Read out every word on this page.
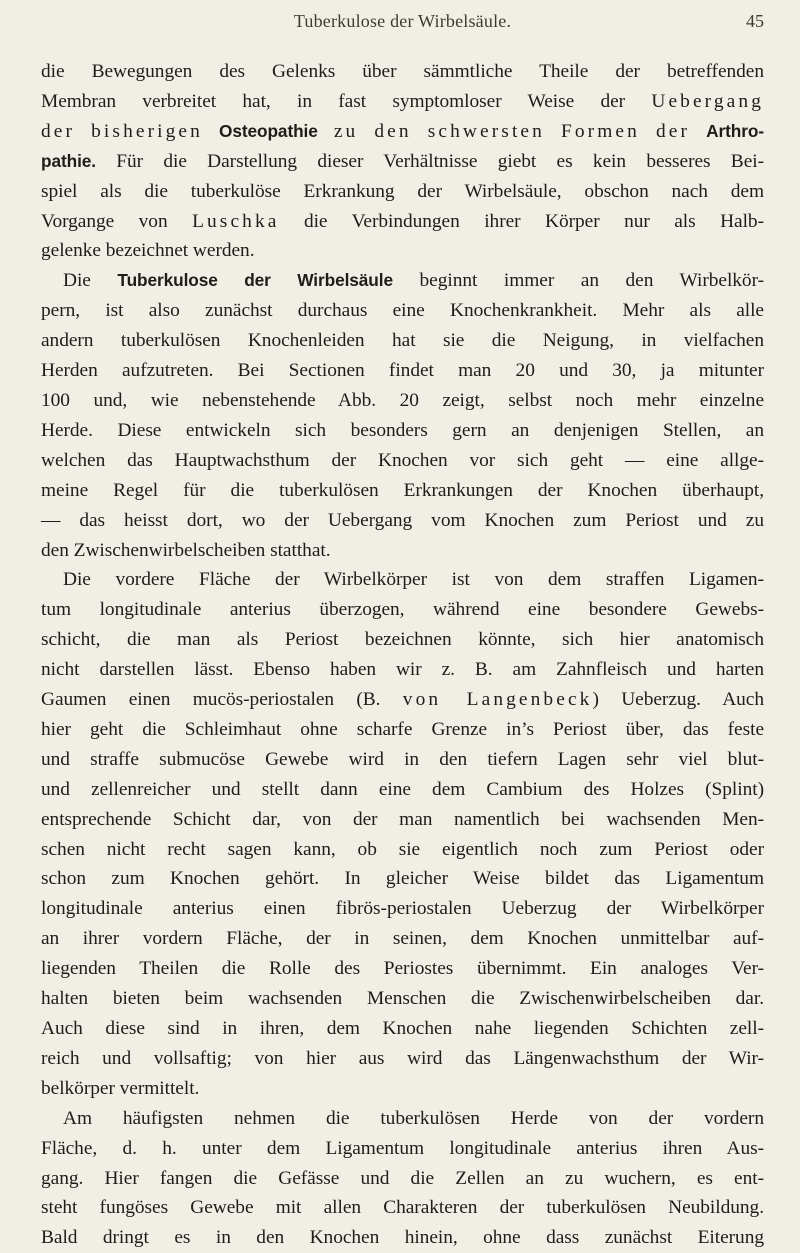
Tuberkulose der Wirbelsäule.	45
die Bewegungen des Gelenks über sämmtliche Theile der betreffenden
Membran verbreitet hat, in fast symptomloser Weise der Uebergang
der bisherigen Osteopathie zu den schwersten Formen der Arthro-
pathie. Für die Darstellung dieser Verhältnisse giebt es kein besseres Bei-
spiel als die tuberkulöse Erkrankung der Wirbelsäule, obschon nach dem
Vorgange von Luschka die Verbindungen ihrer Körper nur als Halb-
gelenke bezeichnet werden.
Die Tuberkulose der Wirbelsäule beginnt immer an den Wirbelkör-
pern, ist also zunächst durchaus eine Knochenkrankheit. Mehr als alle
andern tuberkulösen Knochenleiden hat sie die Neigung, in vielfachen
Herden aufzutreten. Bei Sectionen findet man 20 und 30, ja mitunter
100 und, wie nebenstehende Abb. 20 zeigt, selbst noch mehr einzelne
Herde. Diese entwickeln sich besonders gern an denjenigen Stellen, an
welchen das Hauptwachsthum der Knochen vor sich geht — eine allge-
meine Regel für die tuberkulösen Erkrankungen der Knochen überhaupt,
— das heisst dort, wo der Uebergang vom Knochen zum Periost und zu
den Zwischenwirbelscheiben statthat.
Die vordere Fläche der Wirbelkörper ist von dem straffen Ligamen-
tum longitudinale anterius überzogen, während eine besondere Gewebs-
schicht, die man als Periost bezeichnen könnte, sich hier anatomisch
nicht darstellen lässt. Ebenso haben wir z. B. am Zahnfleisch und harten
Gaumen einen mucös-periostalen (B. von Langenbeck) Ueberzug. Auch
hier geht die Schleimhaut ohne scharfe Grenze in’s Periost über, das feste
und straffe submucöse Gewebe wird in den tiefern Lagen sehr viel blut-
und zellenreicher und stellt dann eine dem Cambium des Holzes (Splint)
entsprechende Schicht dar, von der man namentlich bei wachsenden Men-
schen nicht recht sagen kann, ob sie eigentlich noch zum Periost oder
schon zum Knochen gehört. In gleicher Weise bildet das Ligamentum
longitudinale anterius einen fibrös-periostalen Ueberzug der Wirbelkörper
an ihrer vordern Fläche, der in seinen, dem Knochen unmittelbar auf-
liegenden Theilen die Rolle des Periostes übernimmt. Ein analoges Ver-
halten bieten beim wachsenden Menschen die Zwischenwirbelscheiben dar.
Auch diese sind in ihren, dem Knochen nahe liegenden Schichten zell-
reich und vollsaftig; von hier aus wird das Längenwachsthum der Wir-
belkörper vermittelt.
Am häufigsten nehmen die tuberkulösen Herde von der vordern
Fläche, d. h. unter dem Ligamentum longitudinale anterius ihren Aus-
gang. Hier fangen die Gefässe und die Zellen an zu wuchern, es ent-
steht fungöses Gewebe mit allen Charakteren der tuberkulösen Neubildung.
Bald dringt es in den Knochen hinein, ohne dass zunächst Eiterung
